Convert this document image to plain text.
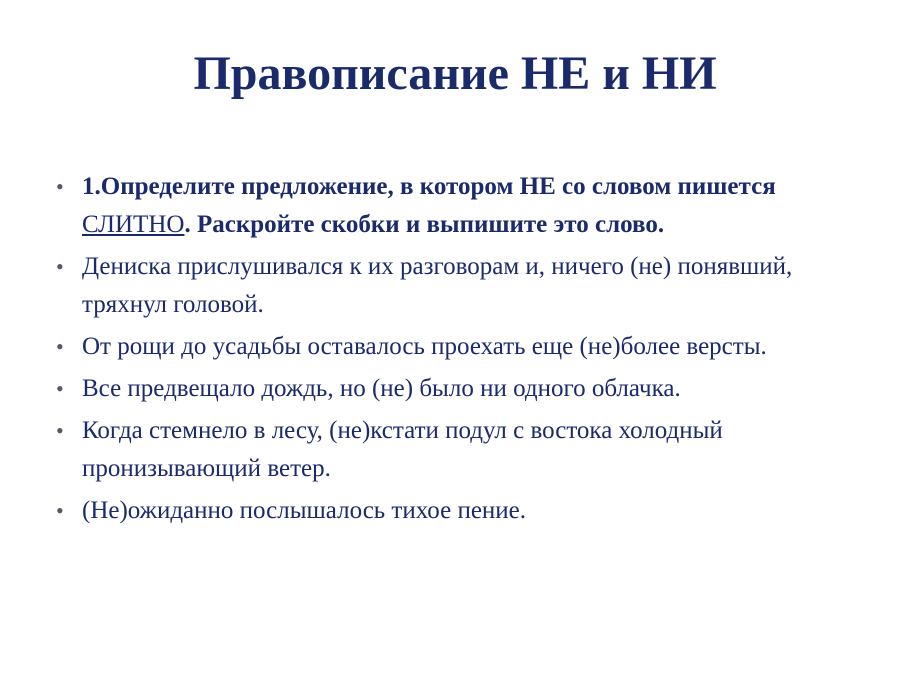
Правописание НЕ и НИ
• 1.Определите предложение, в котором НЕ со словом пишется СЛИТНО. Раскройте скобки и выпишите это слово.
• Дениска прислушивался к их разговорам и, ничего (не) понявший, тряхнул головой.
• От рощи до усадьбы оставалось проехать еще (не)более версты.
• Все предвещало дождь, но (не) было ни одного облачка.
• Когда стемнело в лесу, (не)кстати подул с востока холодный пронизывающий ветер.
• (Не)ожиданно послышалось тихое пение.
